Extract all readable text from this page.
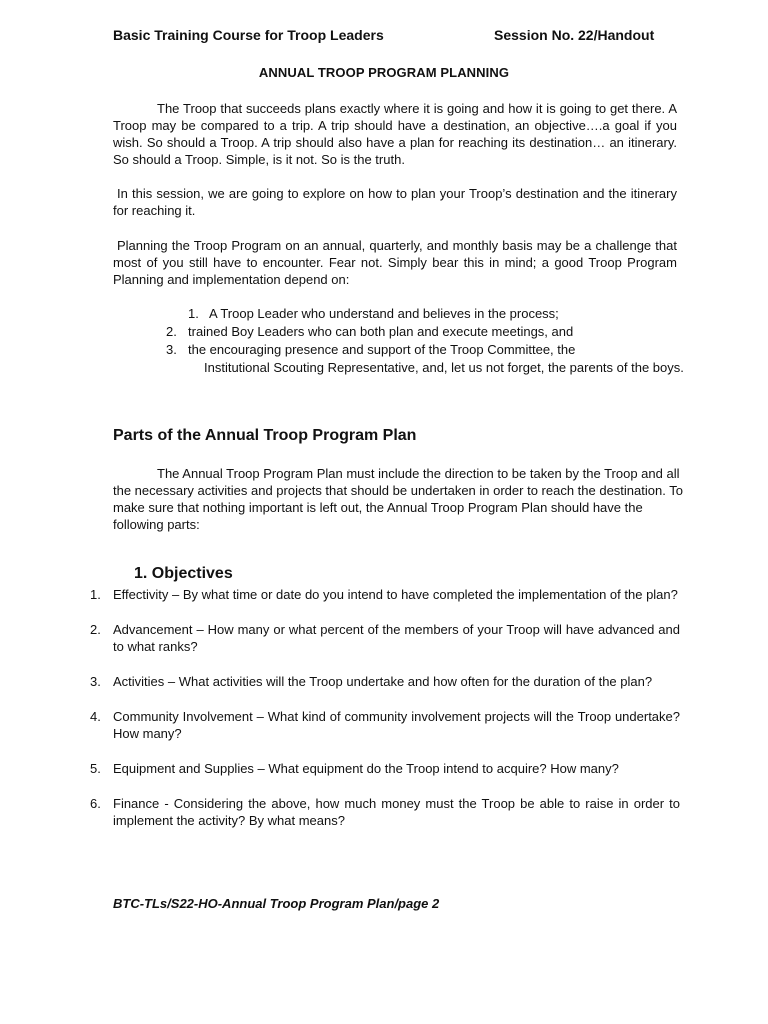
Basic Training Course for Troop Leaders	Session No. 22/Handout
ANNUAL TROOP PROGRAM PLANNING

The Troop that succeeds plans exactly where it is going and how it is going to get there. A Troop may be compared to a trip. A trip should have a destination, an objective….a goal if you wish. So should a Troop. A trip should also have a plan for reaching its destination… an itinerary. So should a Troop. Simple, is it not. So is the truth.

In this session, we are going to explore on how to plan your Troop’s destination and the itinerary for reaching it.

Planning the Troop Program on an annual, quarterly, and monthly basis may be a challenge that most of you still have to encounter. Fear not. Simply bear this in mind; a good Troop Program Planning and implementation depend on:

1. A Troop Leader who understand and believes in the process;
2. trained Boy Leaders who can both plan and execute meetings, and
3. the encouraging presence and support of the Troop Committee, the
Institutional Scouting Representative, and, let us not forget, the parents of the boys.
Parts of the Annual Troop Program Plan

The Annual Troop Program Plan must include the direction to be taken by the Troop and all the necessary activities and projects that should be undertaken in order to reach the destination. To make sure that nothing important is left out, the Annual Troop Program Plan should have the following parts:

1. Objectives
1. Effectivity – By what time or date do you intend to have completed the implementation of the plan?
2. Advancement – How many or what percent of the members of your Troop will have advanced and to what ranks?
3. Activities – What activities will the Troop undertake and how often for the duration of the plan?
4. Community Involvement – What kind of community involvement projects will the Troop undertake? How many?
5. Equipment and Supplies – What equipment do the Troop intend to acquire? How many?
6. Finance - Considering the above, how much money must the Troop be able to raise in order to implement the activity? By what means?
BTC-TLs/S22-HO-Annual Troop Program Plan/page 2
